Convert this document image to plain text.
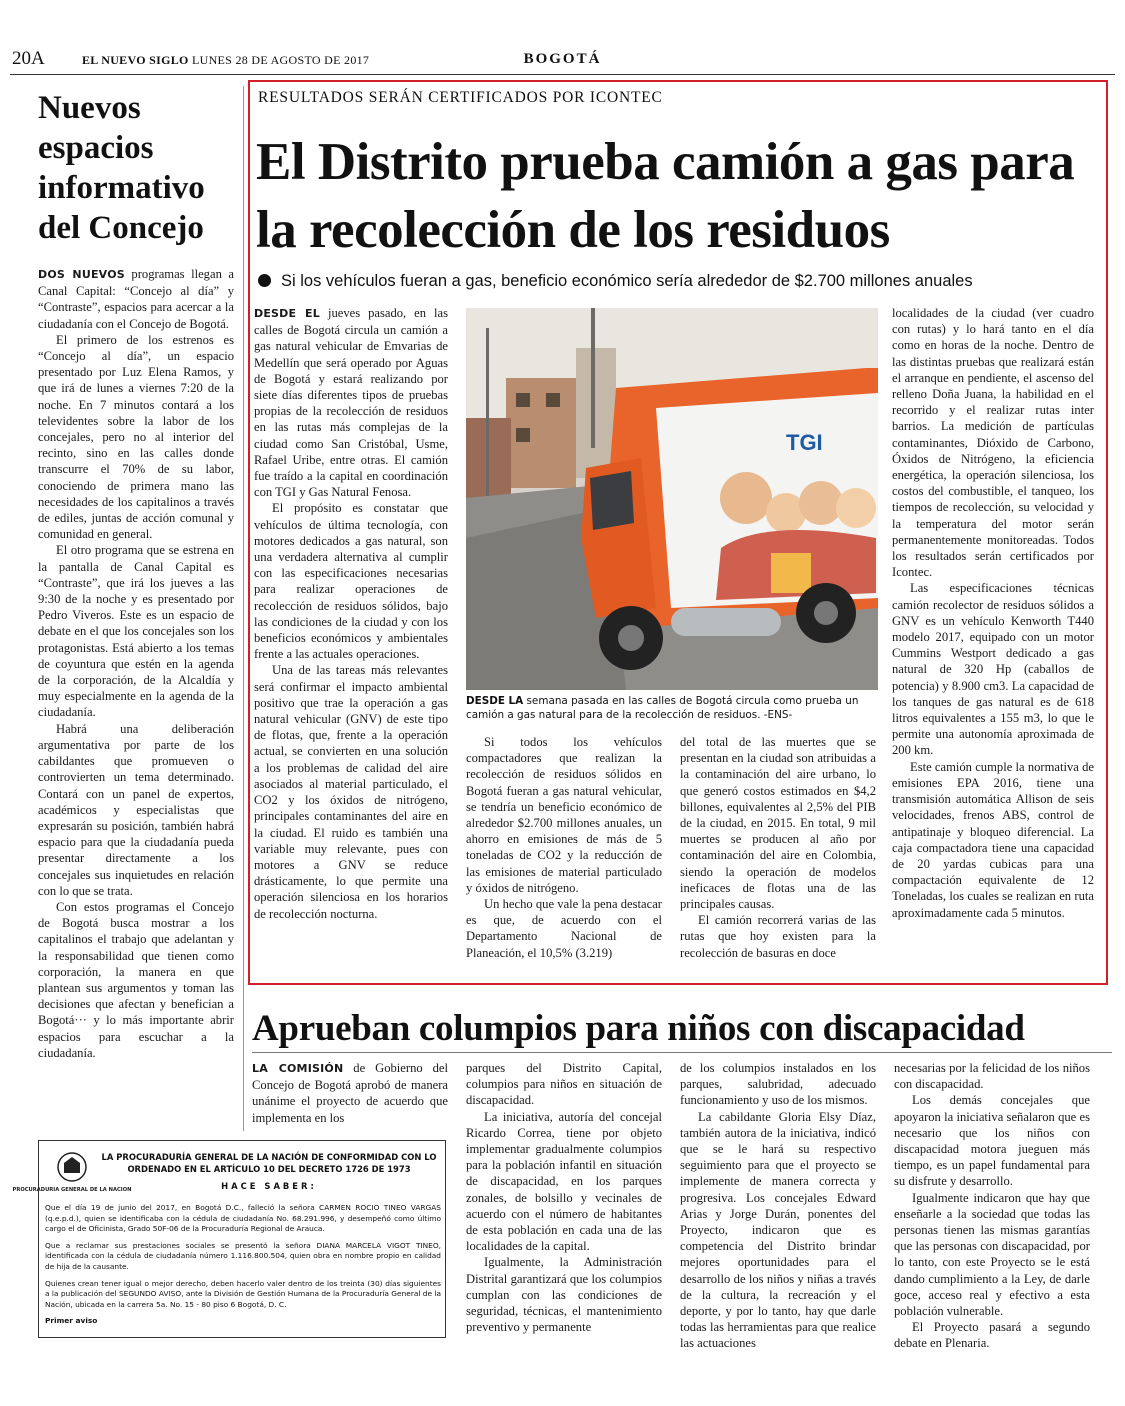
20A	EL NUEVO SIGLO LUNES 28 DE AGOSTO DE 2017	BOGOTÁ
Nuevos espacios informativo del Concejo

DOS NUEVOS programas llegan a Canal Capital: “Concejo al día” y “Contraste”, espacios para acercar a la ciudadanía con el Concejo de Bogotá.

El primero de los estrenos es “Concejo al día”, un espacio presentado por Luz Elena Ramos, y que irá de lunes a viernes 7:20 de la noche. En 7 minutos contará a los televidentes sobre la labor de los concejales, pero no al interior del recinto, sino en las calles donde transcurre el 70% de su labor, conociendo de primera mano las necesidades de los capitalinos a través de ediles, juntas de acción comunal y comunidad en general.

El otro programa que se estrena en la pantalla de Canal Capital es “Contraste”, que irá los jueves a las 9:30 de la noche y es presentado por Pedro Viveros. Este es un espacio de debate en el que los concejales son los protagonistas. Está abierto a los temas de coyuntura que estén en la agenda de la corporación, de la Alcaldía y muy especialmente en la agenda de la ciudadanía.

Habrá una deliberación argumentativa por parte de los cabildantes que promueven o controvierten un tema determinado. Contará con un panel de expertos, académicos y especialistas que expresarán su posición, también habrá espacio para que la ciudadanía pueda presentar directamente a los concejales sus inquietudes en relación con lo que se trata.

Con estos programas el Concejo de Bogotá busca mostrar a los capitalinos el trabajo que adelantan y la responsabilidad que tienen como corporación, la manera en que plantean sus argumentos y toman las decisiones que afectan y benefician a Bogotá··· y lo más importante abrir espacios para escuchar a la ciudadanía.

RESULTADOS SERÁN CERTIFICADOS POR ICONTEC
El Distrito prueba camión a gas para la recolección de los residuos
Si los vehículos fueran a gas, beneficio económico sería alrededor de $2.700 millones anuales

DESDE EL jueves pasado, en las calles de Bogotá circula un camión a gas natural vehicular de Emvarias de Medellín que será operado por Aguas de Bogotá y estará realizando por siete días diferentes tipos de pruebas propias de la recolección de residuos en las rutas más complejas de la ciudad como San Cristóbal, Usme, Rafael Uribe, entre otras. El camión fue traído a la capital en coordinación con TGI y Gas Natural Fenosa.

El propósito es constatar que vehículos de última tecnología, con motores dedicados a gas natural, son una verdadera alternativa al cumplir con las especificaciones necesarias para realizar operaciones de recolección de residuos sólidos, bajo las condiciones de la ciudad y con los beneficios económicos y ambientales frente a las actuales operaciones.

Una de las tareas más relevantes será confirmar el impacto ambiental positivo que trae la operación a gas natural vehicular (GNV) de este tipo de flotas, que, frente a la operación actual, se convierten en una solución a los problemas de calidad del aire asociados al material particulado, el CO2 y los óxidos de nitrógeno, principales contaminantes del aire en la ciudad. El ruido es también una variable muy relevante, pues con motores a GNV se reduce drásticamente, lo que permite una operación silenciosa en los horarios de recolección nocturna.

TGI
DESDE LA semana pasada en las calles de Bogotá circula como prueba un camión a gas natural para de la recolección de residuos. -ENS-

Si todos los vehículos compactadores que realizan la recolección de residuos sólidos en Bogotá fueran a gas natural vehicular, se tendría un beneficio económico de alrededor $2.700 millones anuales, un ahorro en emisiones de más de 5 toneladas de CO2 y la reducción de las emisiones de material particulado y óxidos de nitrógeno.

Un hecho que vale la pena destacar es que, de acuerdo con el Departamento Nacional de Planeación, el 10,5% (3.219)

del total de las muertes que se presentan en la ciudad son atribuidas a la contaminación del aire urbano, lo que generó costos estimados en $4,2 billones, equivalentes al 2,5% del PIB de la ciudad, en 2015. En total, 9 mil muertes se producen al año por contaminación del aire en Colombia, siendo la operación de modelos ineficaces de flotas una de las principales causas.

El camión recorrerá varias de las rutas que hoy existen para la recolección de basuras en doce

localidades de la ciudad (ver cuadro con rutas) y lo hará tanto en el día como en horas de la noche. Dentro de las distintas pruebas que realizará están el arranque en pendiente, el ascenso del relleno Doña Juana, la habilidad en el recorrido y el realizar rutas inter barrios. La medición de partículas contaminantes, Dióxido de Carbono, Óxidos de Nitrógeno, la eficiencia energética, la operación silenciosa, los costos del combustible, el tanqueo, los tiempos de recolección, su velocidad y la temperatura del motor serán permanentemente monitoreadas. Todos los resultados serán certificados por Icontec.

Las especificaciones técnicas camión recolector de residuos sólidos a GNV es un vehículo Kenworth T440 modelo 2017, equipado con un motor Cummins Westport dedicado a gas natural de 320 Hp (caballos de potencia) y 8.900 cm3. La capacidad de los tanques de gas natural es de 618 litros equivalentes a 155 m3, lo que le permite una autonomía aproximada de 200 km.

Este camión cumple la normativa de emisiones EPA 2016, tiene una transmisión automática Allison de seis velocidades, frenos ABS, control de antipatinaje y bloqueo diferencial. La caja compactadora tiene una capacidad de 20 yardas cubicas para una compactación equivalente de 12 Toneladas, los cuales se realizan en ruta aproximadamente cada 5 minutos.

Aprueban columpios para niños con discapacidad

LA COMISIÓN de Gobierno del Concejo de Bogotá aprobó de manera unánime el proyecto de acuerdo que implementa en los

parques del Distrito Capital, columpios para niños en situación de discapacidad.

La iniciativa, autoría del concejal Ricardo Correa, tiene por objeto implementar gradualmente columpios para la población infantil en situación de discapacidad, en los parques zonales, de bolsillo y vecinales de acuerdo con el número de habitantes de esta población en cada una de las localidades de la capital.

Igualmente, la Administración Distrital garantizará que los columpios cumplan con las condiciones de seguridad, técnicas, el mantenimiento preventivo y permanente

de los columpios instalados en los parques, salubridad, adecuado funcionamiento y uso de los mismos.

La cabildante Gloria Elsy Díaz, también autora de la iniciativa, indicó que se le hará su respectivo seguimiento para que el proyecto se implemente de manera correcta y progresiva. Los concejales Edward Arias y Jorge Durán, ponentes del Proyecto, indicaron que es competencia del Distrito brindar mejores oportunidades para el desarrollo de los niños y niñas a través de la cultura, la recreación y el deporte, y por lo tanto, hay que darle todas las herramientas para que realice las actuaciones

necesarias por la felicidad de los niños con discapacidad.

Los demás concejales que apoyaron la iniciativa señalaron que es necesario que los niños con discapacidad motora jueguen más tiempo, es un papel fundamental para su disfrute y desarrollo.

Igualmente indicaron que hay que enseñarle a la sociedad que todas las personas tienen las mismas garantías que las personas con discapacidad, por lo tanto, con este Proyecto se le está dando cumplimiento a la Ley, de darle goce, acceso real y efectivo a esta población vulnerable.

El Proyecto pasará a segundo debate en Plenaria.

PROCURADURIA GENERAL DE LA NACION
LA PROCURADURÍA GENERAL DE LA NACIÓN DE CONFORMIDAD CON LO ORDENADO EN EL ARTÍCULO 10 DEL DECRETO 1726 DE 1973
HACE SABER:

Que el día 19 de junio del 2017, en Bogotá D.C., falleció la señora CARMEN ROCIO TINEO VARGAS (q.e.p.d.), quien se identificaba con la cédula de ciudadanía No. 68.291.996, y desempeñó como último cargo el de Oficinista, Grado 50F-06 de la Procuraduría Regional de Arauca.

Que a reclamar sus prestaciones sociales se presentó la señora DIANA MARCELA VIGOT TINEO, identificada con la cédula de ciudadanía número 1.116.800.504, quien obra en nombre propio en calidad de hija de la causante.

Quienes crean tener igual o mejor derecho, deben hacerlo valer dentro de los treinta (30) días siguientes a la publicación del SEGUNDO AVISO, ante la División de Gestión Humana de la Procuraduría General de la Nación, ubicada en la carrera 5a. No. 15 - 80 piso 6 Bogotá, D. C.

Primer aviso
